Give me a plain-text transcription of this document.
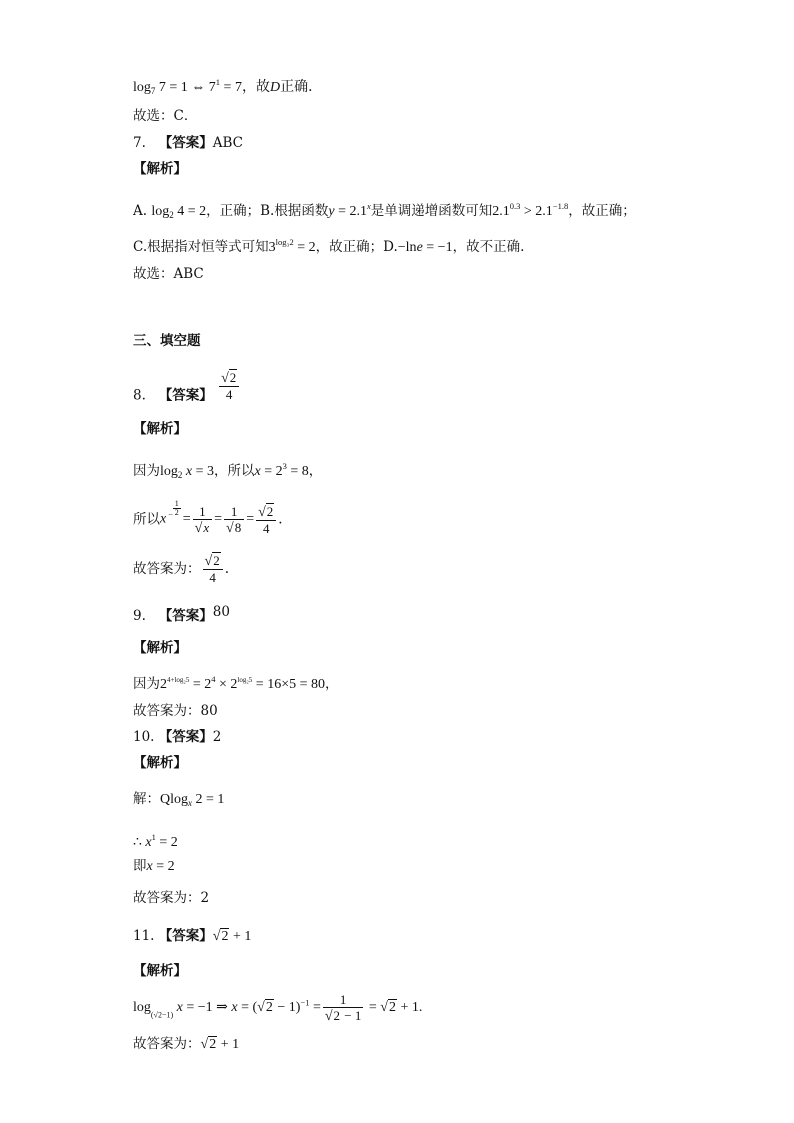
$\log_7 7 = 1$ ⇔ $7^1 = 7$，故D正确．
故选：C．
7. 【答案】ABC
【解析】
A. $\log_2 4 = 2$，正确；B.根据函数$y = 2.1^x$是单调递增函数可知$2.1^{0.3} > 2.1^{-1.8}$，故正确；
C.根据指对恒等式可知$3^{log_32} = 2$，故正确；D.−lne = −1，故不正确.
故选：ABC
三、填空题
8. 【答案】 $\frac{√2}{4}$
【解析】
因为$\log_2 x = 3$，所以$x = 2^3 = 8$，
所以$x - \frac{1}{2}$
= $\frac{1}{√x} = \frac{1}{√8} = \frac{√2}{4}$ .
故答案为： $\frac{√2}{4}$ .
9. 【答案】80
【解析】
因为$2^{4+log_25} = 2^4 \times 2^{log_25} = 16\times 5 = 80$，
故答案为：80
10. 【答案】2
【解析】
解：Qlog$_x$ 2 = 1
∴ $x^1 = 2$
即x = 2
故答案为：2
11. 【答案】√2 + 1
【解析】
$\log_{(√2-1)} x = -1$ ⇒ $x = (√2 - 1)^{-1} = \frac{1}{√2 - 1} = √2 + 1$.
故答案为：√2 + 1
